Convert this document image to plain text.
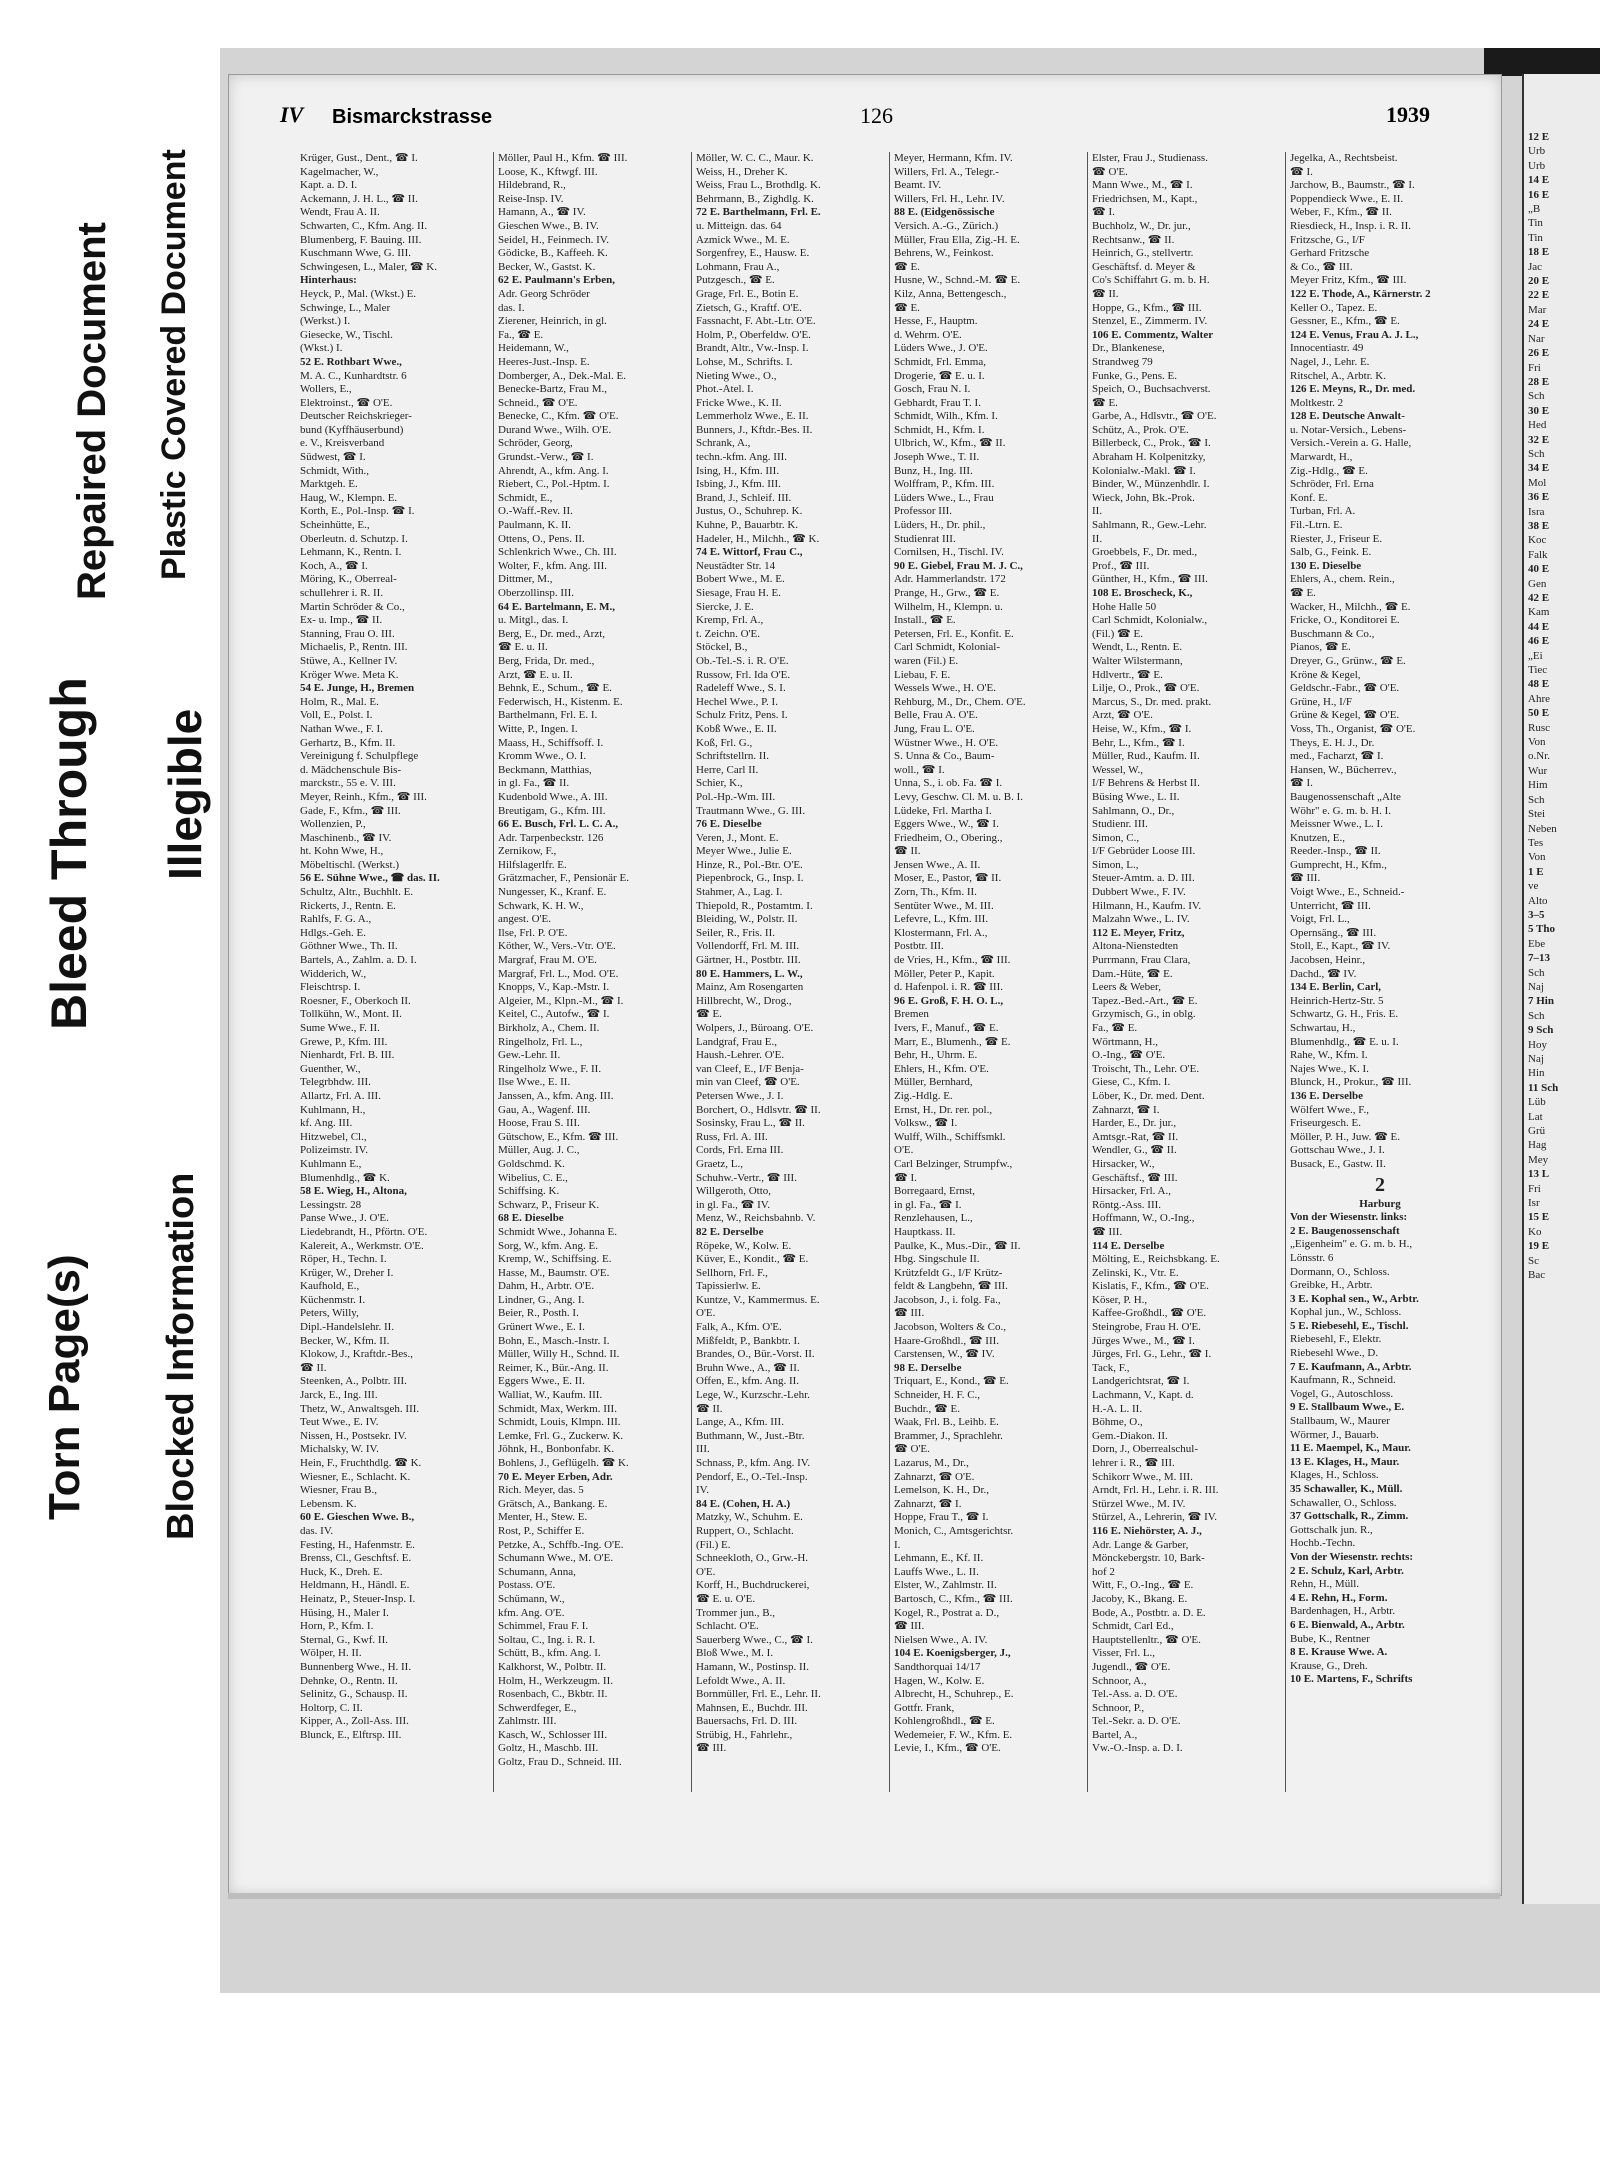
Torn Page(s) Blocked Information
Bleed Through Illegible
Repaired Document Plastic Covered Document
IV Bismarckstrasse	126	1939
Krüger, Gust., Dent., ☎ I.
Kagelmacher, W.,
Kapt. a. D. I.
Ackemann, J. H. L., ☎ II.
Wendt, Frau A. II.
Schwarten, C., Kfm. Ang. II.
Blumenberg, F. Bauing. III.
Kuschmann Wwe, G. III.
Schwingesen, L., Maler, ☎ K.
Hinterhaus:
Heyck, P., Mal. (Wkst.) E.
Schwinge, L., Maler
(Werkst.) I.
Giesecke, W., Tischl.
(Wkst.) I.
52 E. Rothbart Wwe.,
M. A. C., Kunhardtstr. 6
Wollers, E.,
Elektroinst., ☎ O'E.
Deutscher Reichskrieger-
bund (Kyffhäuserbund)
e. V., Kreisverband
Südwest, ☎ I.
Schmidt, With.,
Marktgeh. E.
Haug, W., Klempn. E.
Korth, E., Pol.-Insp. ☎ I.
Scheinhütte, E.,
Oberleutn. d. Schutzp. I.
Lehmann, K., Rentn. I.
Koch, A., ☎ I.
Möring, K., Oberreal-
schullehrer i. R. II.
Martin Schröder & Co.,
Ex- u. Imp., ☎ II.
Stanning, Frau O. III.
Michaelis, P., Rentn. III.
Stüwe, A., Kellner IV.
Kröger Wwe. Meta K.
54 E. Junge, H., Bremen
Holm, R., Mal. E.
Voll, E., Polst. I.
Nathan Wwe., F. I.
Gerhartz, B., Kfm. II.
Vereinigung f. Schulpflege
d. Mädchenschule Bis-
marckstr., 55 e. V. III.
Meyer, Reinh., Kfm., ☎ III.
Gade, F., Kfm., ☎ III.
Wollenzien, P.,
Maschinenb., ☎ IV.
ht. Kohn Wwe, H.,
Möbeltischl. (Werkst.)
56 E. Sühne Wwe., ☎ das. II.
Schultz, Altr., Buchhlt. E.
Rickerts, J., Rentn. E.
Rahlfs, F. G. A.,
Hdlgs.-Geh. E.
Göthner Wwe., Th. II.
Bartels, A., Zahlm. a. D. I.
Widderich, W.,
Fleischtrsp. I.
Roesner, F., Oberkoch II.
Tollkühn, W., Mont. II.
Sume Wwe., F. II.
Grewe, P., Kfm. III.
Nienhardt, Frl. B. III.
Guenther, W.,
Telegrbhdw. III.
Allartz, Frl. A. III.
Kuhlmann, H.,
kf. Ang. III.
Hitzwebel, Cl.,
Polizeimstr. IV.
Kuhlmann E.,
Blumenhdlg., ☎ K.
58 E. Wieg, H., Altona,
Lessingstr. 28
Panse Wwe., J. O'E.
Liedebrandt, H., Pförtn. O'E.
Kalereit, A., Werkmstr. O'E.
Röper, H., Techn. I.
Krüger, W., Dreher I.
Kaufhold, E.,
Küchenmstr. I.
Peters, Willy,
Dipl.-Handelslehr. II.
Becker, W., Kfm. II.
Klokow, J., Kraftdr.-Bes.,
☎ II.
Steenken, A., Polbtr. III.
Jarck, E., Ing. III.
Thetz, W., Anwaltsgeh. III.
Teut Wwe., E. IV.
Nissen, H., Postsekr. IV.
Michalsky, W. IV.
Hein, F., Fruchthdlg. ☎ K.
Wiesner, E., Schlacht. K.
Wiesner, Frau B.,
Lebensm. K.
60 E. Gieschen Wwe. B.,
das. IV.
Festing, H., Hafenmstr. E.
Brenss, Cl., Geschftsf. E.
Huck, K., Dreh. E.
Heldmann, H., Händl. E.
Heinatz, P., Steuer-Insp. I.
Hüsing, H., Maler I.
Horn, P., Kfm. I.
Sternal, G., Kwf. II.
Wölper, H. II.
Bunnenberg Wwe., H. II.
Dehnke, O., Rentn. II.
Selinitz, G., Schausp. II.
Holtorp, C. II.
Kipper, A., Zoll-Ass. III.
Blunck, E., Elftrsp. III.
Möller, Paul H., Kfm. ☎ III.
Loose, K., Kftwgf. III.
Hildebrand, R.,
Reise-Insp. IV.
Hamann, A., ☎ IV.
Gieschen Wwe., B. IV.
Seidel, H., Feinmech. IV.
Gödicke, B., Kaffeeh. K.
Becker, W., Gastst. K.
62 E. Paulmann's Erben,
Adr. Georg Schröder
das. I.
Zierener, Heinrich, in gl.
Fa., ☎ E.
Heidemann, W.,
Heeres-Just.-Insp. E.
Domberger, A., Dek.-Mal. E.
Benecke-Bartz, Frau M.,
Schneid., ☎ O'E.
Benecke, C., Kfm. ☎ O'E.
Durand Wwe., Wilh. O'E.
Schröder, Georg,
Grundst.-Verw., ☎ I.
Ahrendt, A., kfm. Ang. I.
Riebert, C., Pol.-Hptm. I.
Schmidt, E.,
O.-Waff.-Rev. II.
Paulmann, K. II.
Ottens, O., Pens. II.
Schlenkrich Wwe., Ch. III.
Wolter, F., kfm. Ang. III.
Dittmer, M.,
Oberzollinsp. III.
64 E. Bartelmann, E. M.,
u. Mitgl., das. I.
Berg, E., Dr. med., Arzt,
☎ E. u. II.
Berg, Frida, Dr. med.,
Arzt, ☎ E. u. II.
Behnk, E., Schum., ☎ E.
Federwisch, H., Kistenm. E.
Barthelmann, Frl. E. I.
Witte, P., Ingen. I.
Maass, H., Schiffsoff. I.
Kromm Wwe., O. I.
Beckmann, Matthias,
in gl. Fa., ☎ II.
Kudenbold Wwe., A. III.
Breutigam, G., Kfm. III.
66 E. Busch, Frl. L. C. A.,
Adr. Tarpenbeckstr. 126
Zernikow, F.,
Hilfslagerlfr. E.
Grätzmacher, F., Pensionär E.
Nungesser, K., Kranf. E.
Schwark, K. H. W.,
angest. O'E.
Ilse, Frl. P. O'E.
Köther, W., Vers.-Vtr. O'E.
Margraf, Frau M. O'E.
Margraf, Frl. L., Mod. O'E.
Knopps, V., Kap.-Mstr. I.
Algeier, M., Klpn.-M., ☎ I.
Keitel, C., Autofw., ☎ I.
Birkholz, A., Chem. II.
Ringelholz, Frl. L.,
Gew.-Lehr. II.
Ringelholz Wwe., F. II.
Ilse Wwe., E. II.
Janssen, A., kfm. Ang. III.
Gau, A., Wagenf. III.
Hoose, Frau S. III.
Gütschow, E., Kfm. ☎ III.
Müller, Aug. J. C.,
Goldschmd. K.
Wibelius, C. E.,
Schiffsing. K.
Schwarz, P., Friseur K.
68 E. Dieselbe
Schmidt Wwe., Johanna E.
Sorg, W., kfm. Ang. E.
Kremp, W., Schiffsing. E.
Hasse, M., Baumstr. O'E.
Dahm, H., Arbtr. O'E.
Lindner, G., Ang. I.
Beier, R., Posth. I.
Grünert Wwe., E. I.
Bohn, E., Masch.-Instr. I.
Müller, Willy H., Schnd. II.
Reimer, K., Bür.-Ang. II.
Eggers Wwe., E. II.
Walliat, W., Kaufm. III.
Schmidt, Max, Werkm. III.
Schmidt, Louis, Klmpn. III.
Lemke, Frl. G., Zuckerw. K.
Jöhnk, H., Bonbonfabr. K.
Bohlens, J., Geflügelh. ☎ K.
70 E. Meyer Erben, Adr.
Rich. Meyer, das. 5
Grätsch, A., Bankang. E.
Menter, H., Stew. E.
Rost, P., Schiffer E.
Petzke, A., Schffb.-Ing. O'E.
Schumann Wwe., M. O'E.
Schumann, Anna,
Postass. O'E.
Schümann, W.,
kfm. Ang. O'E.
Schimmel, Frau F. I.
Soltau, C., Ing. i. R. I.
Schütt, B., kfm. Ang. I.
Kalkhorst, W., Polbtr. II.
Holm, H., Werkzeugm. II.
Rosenbach, C., Bkbtr. II.
Schwerdfeger, E.,
Zahlmstr. III.
Kasch, W., Schlosser III.
Goltz, H., Maschb. III.
Goltz, Frau D., Schneid. III.
Möller, W. C. C., Maur. K.
Weiss, H., Dreher K.
Weiss, Frau L., Brothdlg. K.
Behrmann, B., Zighdlg. K.
72 E. Barthelmann, Frl. E.
u. Mitteign. das. 64
Azmick Wwe., M. E.
Sorgenfrey, E., Hausw. E.
Lohmann, Frau A.,
Putzgesch., ☎ E.
Grage, Frl. E., Botin E.
Zietsch, G., Kraftf. O'E.
Fassnacht, F. Abt.-Ltr. O'E.
Holm, P., Oberfeldw. O'E.
Brandt, Altr., Vw.-Insp. I.
Lohse, M., Schrifts. I.
Nieting Wwe., O.,
Phot.-Atel. I.
Fricke Wwe., K. II.
Lemmerholz Wwe., E. II.
Bunners, J., Kftdr.-Bes. II.
Schrank, A.,
techn.-kfm. Ang. III.
Ising, H., Kfm. III.
Isbing, J., Kfm. III.
Brand, J., Schleif. III.
Justus, O., Schuhrep. K.
Kuhne, P., Bauarbtr. K.
Hadeler, H., Milchh., ☎ K.
74 E. Wittorf, Frau C.,
Neustädter Str. 14
Bobert Wwe., M. E.
Siesage, Frau H. E.
Siercke, J. E.
Kremp, Frl. A.,
t. Zeichn. O'E.
Stöckel, B.,
Ob.-Tel.-S. i. R. O'E.
Russow, Frl. Ida O'E.
Radeleff Wwe., S. I.
Hechel Wwe., P. I.
Schulz Fritz, Pens. I.
Kobß Wwe., E. II.
Koß, Frl. G.,
Schriftstellrn. II.
Herre, Carl II.
Schier, K.,
Pol.-Hp.-Wm. III.
Trautmann Wwe., G. III.
76 E. Dieselbe
Veren, J., Mont. E.
Meyer Wwe., Julie E.
Hinze, R., Pol.-Btr. O'E.
Piepenbrock, G., Insp. I.
Stahmer, A., Lag. I.
Thiepold, R., Postamtm. I.
Bleiding, W., Polstr. II.
Seiler, R., Fris. II.
Vollendorff, Frl. M. III.
Gärtner, H., Postbtr. III.
80 E. Hammers, L. W.,
Mainz, Am Rosengarten
Hillbrecht, W., Drog.,
☎ E.
Wolpers, J., Büroang. O'E.
Landgraf, Frau E.,
Haush.-Lehrer. O'E.
van Cleef, E., I/F Benja-
min van Cleef, ☎ O'E.
Petersen Wwe., J. I.
Borchert, O., Hdlsvtr. ☎ II.
Sosinsky, Frau L., ☎ II.
Russ, Frl. A. III.
Cords, Frl. Erna III.
Graetz, L.,
Schuhw.-Vertr., ☎ III.
Willgeroth, Otto,
in gl. Fa., ☎ IV.
Menz, W., Reichsbahnb. V.
82 E. Derselbe
Röpeke, W., Kolw. E.
Küver, E., Kondit., ☎ E.
Sellhorn, Frl. F.,
Tapissierlw. E.
Kuntze, V., Kammermus. E.
O'E.
Falk, A., Kfm. O'E.
Mißfeldt, P., Bankbtr. I.
Brandes, O., Bür.-Vorst. II.
Bruhn Wwe., A., ☎ II.
Offen, E., kfm. Ang. II.
Lege, W., Kurzschr.-Lehr.
☎ II.
Lange, A., Kfm. III.
Buthmann, W., Just.-Btr.
III.
Schnass, P., kfm. Ang. IV.
Pendorf, E., O.-Tel.-Insp.
IV.
84 E. (Cohen, H. A.)
Matzky, W., Schuhm. E.
Ruppert, O., Schlacht.
(Fil.) E.
Schneekloth, O., Grw.-H.
O'E.
Korff, H., Buchdruckerei,
☎ E. u. O'E.
Trommer jun., B.,
Schlacht. O'E.
Sauerberg Wwe., C., ☎ I.
Bloß Wwe., M. I.
Hamann, W., Postinsp. II.
Lefoldt Wwe., A. II.
Bornmüller, Frl. E., Lehr. II.
Mahnsen, E., Buchdr. III.
Bauersachs, Frl. D. III.
Strübig, H., Fahrlehr.,
☎ III.
Meyer, Hermann, Kfm. IV.
Willers, Frl. A., Telegr.-
Beamt. IV.
Willers, Frl. H., Lehr. IV.
88 E. (Eidgenössische
Versich. A.-G., Zürich.)
Müller, Frau Ella, Zig.-H. E.
Behrens, W., Feinkost.
☎ E.
Husne, W., Schnd.-M. ☎ E.
Kilz, Anna, Bettengesch.,
☎ E.
Hesse, F., Hauptm.
d. Wehrm. O'E.
Lüders Wwe., J. O'E.
Schmidt, Frl. Emma,
Drogerie, ☎ E. u. I.
Gosch, Frau N. I.
Gebhardt, Frau T. I.
Schmidt, Wilh., Kfm. I.
Schmidt, H., Kfm. I.
Ulbrich, W., Kfm., ☎ II.
Joseph Wwe., T. II.
Bunz, H., Ing. III.
Wolffram, P., Kfm. III.
Lüders Wwe., L., Frau
Professor III.
Lüders, H., Dr. phil.,
Studienrat III.
Cornilsen, H., Tischl. IV.
90 E. Giebel, Frau M. J. C.,
Adr. Hammerlandstr. 172
Prange, H., Grw., ☎ E.
Wilhelm, H., Klempn. u.
Install., ☎ E.
Petersen, Frl. E., Konfit. E.
Carl Schmidt, Kolonial-
waren (Fil.) E.
Liebau, F. E.
Wessels Wwe., H. O'E.
Rehburg, M., Dr., Chem. O'E.
Belle, Frau A. O'E.
Jung, Frau L. O'E.
Wüstner Wwe., H. O'E.
S. Unna & Co., Baum-
woll., ☎ I.
Unna, S., i. ob. Fa. ☎ I.
Levy, Geschw. Cl. M. u. B. I.
Lüdeke, Frl. Martha I.
Eggers Wwe., W., ☎ I.
Friedheim, O., Obering.,
☎ II.
Jensen Wwe., A. II.
Moser, E., Pastor, ☎ II.
Zorn, Th., Kfm. II.
Sentüter Wwe., M. III.
Lefevre, L., Kfm. III.
Klostermann, Frl. A.,
Postbtr. III.
de Vries, H., Kfm., ☎ III.
Möller, Peter P., Kapit.
d. Hafenpol. i. R. ☎ III.
96 E. Groß, F. H. O. L.,
Bremen
Ivers, F., Manuf., ☎ E.
Marr, E., Blumenh., ☎ E.
Behr, H., Uhrm. E.
Ehlers, H., Kfm. O'E.
Müller, Bernhard,
Zig.-Hdlg. E.
Ernst, H., Dr. rer. pol.,
Volksw., ☎ I.
Wulff, Wilh., Schiffsmkl.
O'E.
Carl Belzinger, Strumpfw.,
☎ I.
Borregaard, Ernst,
in gl. Fa., ☎ I.
Renzlehausen, L.,
Hauptkass. II.
Paulke, K., Mus.-Dir., ☎ II.
Hbg. Singschule II.
Krützfeldt G., I/F Krütz-
feldt & Langbehn, ☎ III.
Jacobson, J., i. folg. Fa.,
☎ III.
Jacobson, Wolters & Co.,
Haare-Großhdl., ☎ III.
Carstensen, W., ☎ IV.
98 E. Derselbe
Triquart, E., Kond., ☎ E.
Schneider, H. F. C.,
Buchdr., ☎ E.
Waak, Frl. B., Leihb. E.
Brammer, J., Sprachlehr.
☎ O'E.
Lazarus, M., Dr.,
Zahnarzt, ☎ O'E.
Lemelson, K. H., Dr.,
Zahnarzt, ☎ I.
Hoppe, Frau T., ☎ I.
Monich, C., Amtsgerichtsr.
I.
Lehmann, E., Kf. II.
Lauffs Wwe., L. II.
Elster, W., Zahlmstr. II.
Bartosch, C., Kfm., ☎ III.
Kogel, R., Postrat a. D.,
☎ III.
Nielsen Wwe., A. IV.
104 E. Koenigsberger, J.,
Sandthorquai 14/17
Hagen, W., Kolw. E.
Albrecht, H., Schuhrep., E.
Gottfr. Frank,
Kohlengroßhdl., ☎ E.
Wedemeier, F. W., Kfm. E.
Levie, I., Kfm., ☎ O'E.
Elster, Frau J., Studienass.
☎ O'E.
Mann Wwe., M., ☎ I.
Friedrichsen, M., Kapt.,
☎ I.
Buchholz, W., Dr. jur.,
Rechtsanw., ☎ II.
Heinrich, G., stellvertr.
Geschäftsf. d. Meyer &
Co's Schiffahrt G. m. b. H.
☎ II.
Hoppe, G., Kfm., ☎ III.
Stenzel, E., Zimmerm. IV.
106 E. Commentz, Walter
Dr., Blankenese,
Strandweg 79
Funke, G., Pens. E.
Speich, O., Buchsachverst.
☎ E.
Garbe, A., Hdlsvtr., ☎ O'E.
Schütz, A., Prok. O'E.
Billerbeck, C., Prok., ☎ I.
Abraham H. Kolpenitzky,
Kolonialw.-Makl. ☎ I.
Binder, W., Münzenhdlr. I.
Wieck, John, Bk.-Prok.
II.
Sahlmann, R., Gew.-Lehr.
II.
Groebbels, F., Dr. med.,
Prof., ☎ III.
Günther, H., Kfm., ☎ III.
108 E. Broscheck, K.,
Hohe Halle 50
Carl Schmidt, Kolonialw.,
(Fil.) ☎ E.
Wendt, L., Rentn. E.
Walter Wilstermann,
Hdlvertr., ☎ E.
Lilje, O., Prok., ☎ O'E.
Marcus, S., Dr. med. prakt.
Arzt, ☎ O'E.
Heise, W., Kfm., ☎ I.
Behr, L., Kfm., ☎ I.
Müller, Rud., Kaufm. II.
Wessel, W.,
I/F Behrens & Herbst II.
Büsing Wwe., L. II.
Sahlmann, O., Dr.,
Studienr. III.
Simon, C.,
I/F Gebrüder Loose III.
Simon, L.,
Steuer-Amtm. a. D. III.
Dubbert Wwe., F. IV.
Hilmann, H., Kaufm. IV.
Malzahn Wwe., L. IV.
112 E. Meyer, Fritz,
Altona-Nienstedten
Purrmann, Frau Clara,
Dam.-Hüte, ☎ E.
Leers & Weber,
Tapez.-Bed.-Art., ☎ E.
Grzymisch, G., in oblg.
Fa., ☎ E.
Wörtmann, H.,
O.-Ing., ☎ O'E.
Troischt, Th., Lehr. O'E.
Giese, C., Kfm. I.
Löber, K., Dr. med. Dent.
Zahnarzt, ☎ I.
Harder, E., Dr. jur.,
Amtsgr.-Rat, ☎ II.
Wendler, G., ☎ II.
Hirsacker, W.,
Geschäftsf., ☎ III.
Hirsacker, Frl. A.,
Röntg.-Ass. III.
Hoffmann, W., O.-Ing.,
☎ III.
114 E. Derselbe
Mölting, E., Reichsbkang. E.
Zelinski, K., Vtr. E.
Kislatis, F., Kfm., ☎ O'E.
Köser, P. H.,
Kaffee-Großhdl., ☎ O'E.
Steingrobe, Frau H. O'E.
Jürges Wwe., M., ☎ I.
Jürges, Frl. G., Lehr., ☎ I.
Tack, F.,
Landgerichtsrat, ☎ I.
Lachmann, V., Kapt. d.
H.-A. L. II.
Böhme, O.,
Gem.-Diakon. II.
Dorn, J., Oberrealschul-
lehrer i. R., ☎ III.
Schikorr Wwe., M. III.
Arndt, Frl. H., Lehr. i. R. III.
Stürzel Wwe., M. IV.
Stürzel, A., Lehrerin, ☎ IV.
116 E. Niehörster, A. J.,
Adr. Lange & Garber,
Mönckebergstr. 10, Bark-
hof 2
Witt, F., O.-Ing., ☎ E.
Jacoby, K., Bkang. E.
Bode, A., Postbtr. a. D. E.
Schmidt, Carl Ed.,
Hauptstellenltr., ☎ O'E.
Visser, Frl. L.,
Jugendl., ☎ O'E.
Schnoor, A.,
Tel.-Ass. a. D. O'E.
Schnoor, P.,
Tel.-Sekr. a. D. O'E.
Bartel, A.,
Vw.-O.-Insp. a. D. I.
Jegelka, A., Rechtsbeist.
☎ I.
Jarchow, B., Baumstr., ☎ I.
Poppendieck Wwe., E. II.
Weber, F., Kfm., ☎ II.
Riesdieck, H., Insp. i. R. II.
Fritzsche, G., I/F
Gerhard Fritzsche
& Co., ☎ III.
Meyer Fritz, Kfm., ☎ III.
122 E. Thode, A., Kärnerstr. 2
Keller O., Tapez. E.
Gessner, E., Kfm., ☎ E.
124 E. Venus, Frau A. J. L.,
Innocentiastr. 49
Nagel, J., Lehr. E.
Ritschel, A., Arbtr. K.
126 E. Meyns, R., Dr. med.
Moltkestr. 2
128 E. Deutsche Anwalt-
u. Notar-Versich., Lebens-
Versich.-Verein a. G. Halle,
Marwardt, H.,
Zig.-Hdlg., ☎ E.
Schröder, Frl. Erna
Konf. E.
Turban, Frl. A.
Fil.-Ltrn. E.
Riester, J., Friseur E.
Salb, G., Feink. E.
130 E. Dieselbe
Ehlers, A., chem. Rein.,
☎ E.
Wacker, H., Milchh., ☎ E.
Fricke, O., Konditorei E.
Buschmann & Co.,
Pianos, ☎ E.
Dreyer, G., Grünw., ☎ E.
Kröne & Kegel,
Geldschr.-Fabr., ☎ O'E.
Grüne, H., I/F
Grüne & Kegel, ☎ O'E.
Voss, Th., Organist, ☎ O'E.
Theys, E. H. J., Dr.
med., Facharzt, ☎ I.
Hansen, W., Bücherrev.,
☎ I.
Baugenossenschaft „Alte
Wöhr" e. G. m. b. H. I.
Meissner Wwe., L. I.
Knutzen, E.,
Reeder.-Insp., ☎ II.
Gumprecht, H., Kfm.,
☎ III.
Voigt Wwe., E., Schneid.-
Unterricht, ☎ III.
Voigt, Frl. L.,
Opernsäng., ☎ III.
Stoll, E., Kapt., ☎ IV.
Jacobsen, Heinr.,
Dachd., ☎ IV.
134 E. Berlin, Carl,
Heinrich-Hertz-Str. 5
Schwartz, G. H., Fris. E.
Schwartau, H.,
Blumenhdlg., ☎ E. u. I.
Rahe, W., Kfm. I.
Najes Wwe., K. I.
Blunck, H., Prokur., ☎ III.
136 E. Derselbe
Wölfert Wwe., F.,
Friseurgesch. E.
Möller, P. H., Juw. ☎ E.
Gottschau Wwe., J. I.
Busack, E., Gastw. II.
2
Harburg
Von der Wiesenstr. links:
2 E. Baugenossenschaft
„Eigenheim" e. G. m. b. H.,
Lönsstr. 6
Dormann, O., Schloss.
Greibke, H., Arbtr.
3 E. Kophal sen., W., Arbtr.
Kophal jun., W., Schloss.
5 E. Riebesehl, E., Tischl.
Riebesehl, F., Elektr.
Riebesehl Wwe., D.
7 E. Kaufmann, A., Arbtr.
Kaufmann, R., Schneid.
Vogel, G., Autoschloss.
9 E. Stallbaum Wwe., E.
Stallbaum, W., Maurer
Wörmer, J., Bauarb.
11 E. Maempel, K., Maur.
13 E. Klages, H., Maur.
Klages, H., Schloss.
35 Schawaller, K., Müll.
Schawaller, O., Schloss.
37 Gottschalk, R., Zimm.
Gottschalk jun. R.,
Hochb.-Techn.
Von der Wiesenstr. rechts:
2 E. Schulz, Karl, Arbtr.
Rehn, H., Müll.
4 E. Rehn, H., Form.
Bardenhagen, H., Arbtr.
6 E. Bienwald, A., Arbtr.
Bube, K., Rentner
8 E. Krause Wwe. A.
Krause, G., Dreh.
10 E. Martens, F., Schrifts
12 E
Urb
Urb
14 E
16 E
„B
Tin
Tin
18 E
Jac
20 E
22 E
Mar
24 E
Nar
26 E
Fri
28 E
Sch
30 E
Hed
32 E
Sch
34 E
Mol
36 E
Isra
38 E
Koc
Falk
40 E
Gen
42 E
Kam
44 E
46 E
„Ei
Tiec
48 E
Ahre
50 E
Rusc
Von
o.Nr.
Wur
Him
Sch
Stei
Neben
Tes
Von
1 E
ve
Alto
3–5
5 Tho
Ebe
7–13
Sch
Naj
7 Hin
Sch
9 Sch
Hoy
Naj
Hin
11 Sch
Lüb
Lat
Grü
Hag
Mey
13 L
Fri
Isr
15 E
Ko
19 E
Sc
Bac
